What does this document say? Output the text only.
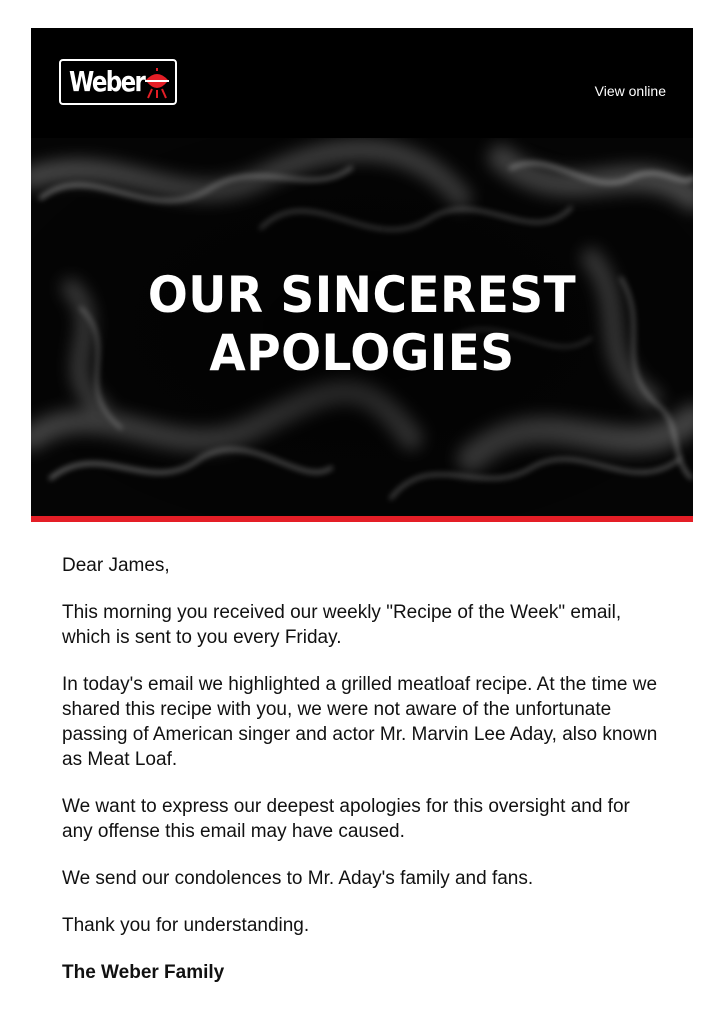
Weber	View online
OUR SINCEREST
APOLOGIES

Dear James,

This morning you received our weekly "Recipe of the Week" email, which is sent to you every Friday.

In today's email we highlighted a grilled meatloaf recipe. At the time we shared this recipe with you, we were not aware of the unfortunate passing of American singer and actor Mr. Marvin Lee Aday, also known as Meat Loaf.

We want to express our deepest apologies for this oversight and for any offense this email may have caused.

We send our condolences to Mr. Aday's family and fans.

Thank you for understanding.

The Weber Family
